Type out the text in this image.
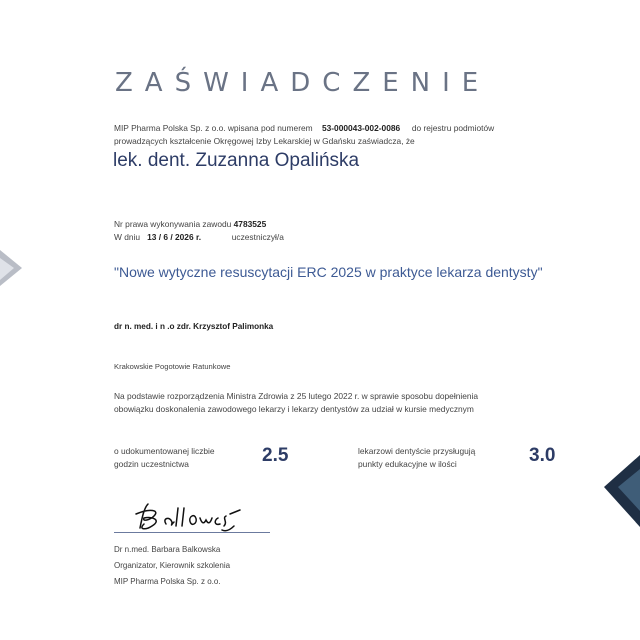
ZAŚWIADCZENIE
MIP Pharma Polska Sp. z o.o. wpisana pod numerem 53-000043-002-0086 do rejestru podmiotów
prowadzących kształcenie Okręgowej Izby Lekarskiej w Gdańsku zaświadcza, że
lek. dent. Zuzanna Opalińska
Nr prawa wykonywania zawodu 4783525
W dniu 13 / 6 / 2026 r.	uczestniczył/a
"Nowe wytyczne resuscytacji ERC 2025 w praktyce lekarza dentysty"
dr n. med. i n .o zdr. Krzysztof Palimonka
Krakowskie Pogotowie Ratunkowe
Na podstawie rozporządzenia Ministra Zdrowia z 25 lutego 2022 r. w sprawie sposobu dopełnienia
obowiązku doskonalenia zawodowego lekarzy i lekarzy dentystów za udział w kursie medycznym
o udokumentowanej liczbie
godzin uczestnictwa	2.5	lekarzowi dentyście przysługują
punkty edukacyjne w ilości	3.0
Dr n.med. Barbara Balkowska
Organizator, Kierownik szkolenia
MIP Pharma Polska Sp. z o.o.
